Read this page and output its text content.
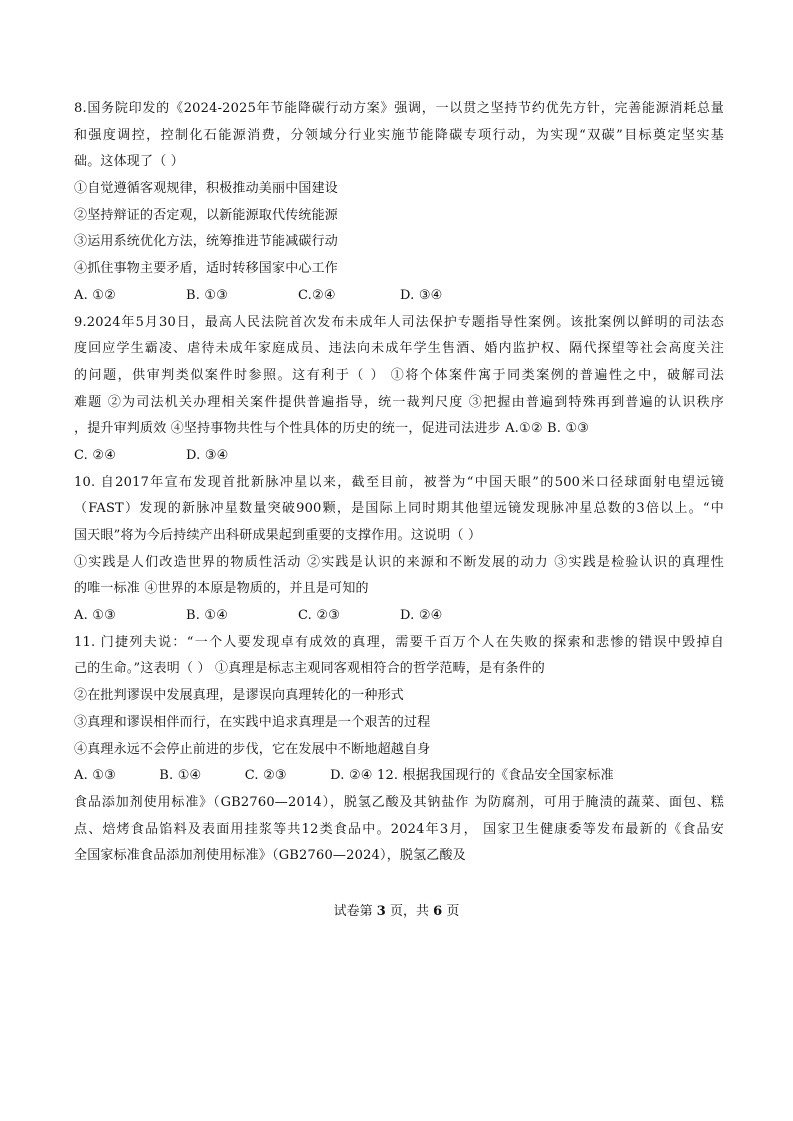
8.国务院印发的《2024-2025年节能降碳行动方案》强调，一以贯之坚持节约优先方针，完善能源消耗总量
和强度调控，控制化石能源消费，分领域分行业实施节能降碳专项行动，为实现“双碳”目标奠定坚实基
础。这体现了（ ）
①自觉遵循客观规律，积极推动美丽中国建设
②坚持辩证的否定观，以新能源取代传统能源
③运用系统优化方法，统筹推进节能减碳行动
④抓住事物主要矛盾，适时转移国家中心工作
A. ①②	B. ①③	C.②④	D. ③④
9.2024年5月30日，最高人民法院首次发布未成年人司法保护专题指导性案例。该批案例以鲜明的司法态
度回应学生霸凌、虐待未成年家庭成员、违法向未成年学生售酒、婚内监护权、隔代探望等社会高度关注
的问题，供审判类似案件时参照。这有利于（ ） ①将个体案件寓于同类案例的普遍性之中，破解司法
难题 ②为司法机关办理相关案件提供普遍指导，统一裁判尺度 ③把握由普遍到特殊再到普遍的认识秩序
，提升审判质效 ④坚持事物共性与个性具体的历史的统一，促进司法进步 A.①② B. ①③
C. ②④	D. ③④
10. 自2017年宣布发现首批新脉冲星以来，截至目前，被誉为“中国天眼”的500米口径球面射电望远镜
（FAST）发现的新脉冲星数量突破900颗，是国际上同时期其他望远镜发现脉冲星总数的3倍以上。“中
国天眼”将为今后持续产出科研成果起到重要的支撑作用。这说明（ ）
①实践是人们改造世界的物质性活动 ②实践是认识的来源和不断发展的动力 ③实践是检验认识的真理性
的唯一标准 ④世界的本原是物质的，并且是可知的
A. ①③	B. ①④	C. ②③	D. ②④
11. 门捷列夫说：“一个人要发现卓有成效的真理，需要千百万个人在失败的探索和悲惨的错误中毁掉自
己的生命。”这表明（ ） ①真理是标志主观同客观相符合的哲学范畴，是有条件的
②在批判谬误中发展真理，是谬误向真理转化的一种形式
③真理和谬误相伴而行，在实践中追求真理是一个艰苦的过程
④真理永远不会停止前进的步伐，它在发展中不断地超越自身
A. ①③          B. ①④          C. ②③          D. ②④ 12. 根据我国现行的《食品安全国家标准
食品添加剂使用标准》（GB2760—2014），脱氢乙酸及其钠盐作 为防腐剂，可用于腌渍的蔬菜、面包、糕
点、焙烤食品馅料及表面用挂浆等共12类食品中。2024年3月， 国家卫生健康委等发布最新的《食品安
全国家标准食品添加剂使用标准》（GB2760—2024），脱氢乙酸及
试卷第 3 页，共 6 页
